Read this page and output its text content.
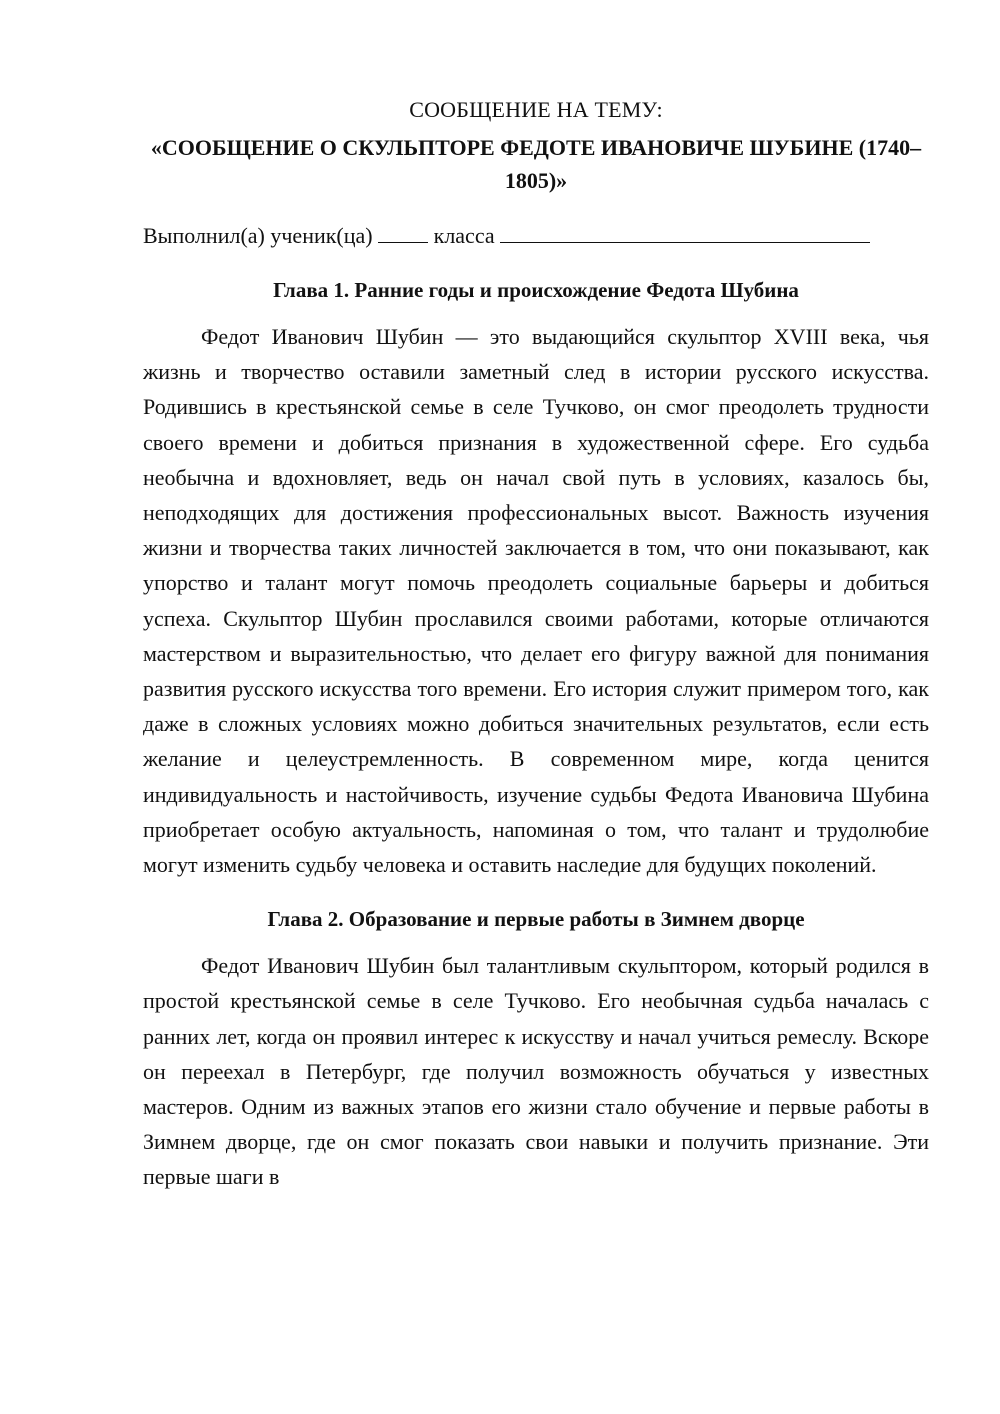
СООБЩЕНИЕ НА ТЕМУ:

«СООБЩЕНИЕ О СКУЛЬПТОРЕ ФЕДОТЕ ИВАНОВИЧЕ ШУБИНЕ (1740–1805)»

Выполнил(а) ученик(ца)	класса

Глава 1. Ранние годы и происхождение Федота Шубина

Федот Иванович Шубин — это выдающийся скульптор XVIII века, чья жизнь и творчество оставили заметный след в истории русского искусства. Родившись в крестьянской семье в селе Тучково, он смог преодолеть трудности своего времени и добиться признания в художественной сфере. Его судьба необычна и вдохновляет, ведь он начал свой путь в условиях, казалось бы, неподходящих для достижения профессиональных высот. Важность изучения жизни и творчества таких личностей заключается в том, что они показывают, как упорство и талант могут помочь преодолеть социальные барьеры и добиться успеха. Скульптор Шубин прославился своими работами, которые отличаются мастерством и выразительностью, что делает его фигуру важной для понимания развития русского искусства того времени. Его история служит примером того, как даже в сложных условиях можно добиться значительных результатов, если есть желание и целеустремленность. В современном мире, когда ценится индивидуальность и настойчивость, изучение судьбы Федота Ивановича Шубина приобретает особую актуальность, напоминая о том, что талант и трудолюбие могут изменить судьбу человека и оставить наследие для будущих поколений.

Глава 2. Образование и первые работы в Зимнем дворце

Федот Иванович Шубин был талантливым скульптором, который родился в простой крестьянской семье в селе Тучково. Его необычная судьба началась с ранних лет, когда он проявил интерес к искусству и начал учиться ремеслу. Вскоре он переехал в Петербург, где получил возможность обучаться у известных мастеров. Одним из важных этапов его жизни стало обучение и первые работы в Зимнем дворце, где он смог показать свои навыки и получить признание. Эти первые шаги в
